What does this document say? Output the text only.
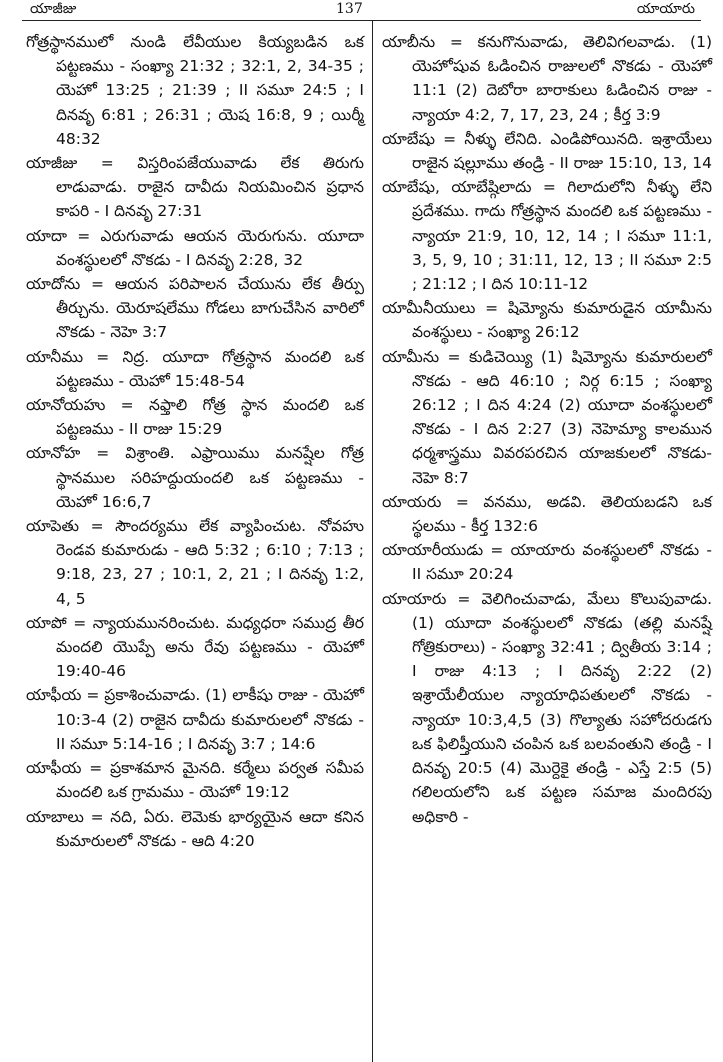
యాజీజు	137	యాయారు

గోత్రస్థానములో నుండి లేవీయుల కియ్యబడిన ఒక పట్టణము - సంఖ్యా 21:32 ; 32:1, 2, 34-35 ; యెహో 13:25 ; 21:39 ; II సమూ 24:5 ; I దినవృ 6:81 ; 26:31 ; యెష 16:8, 9 ; యిర్మీ 48:32

యాజీజు = విస్తరింపజేయువాడు లేక తిరుగు లాడువాడు. రాజైన దావీదు నియమించిన ప్రధాన కాపరి - I దినవృ 27:31

యాదా = ఎరుగువాడు ఆయన యెరుగును. యూదా వంశస్థులలో నొకడు - I దినవృ 2:28, 32

యాదోను = ఆయన పరిపాలన చేయును లేక తీర్పు తీర్చును. యెరూషలేము గోడలు బాగుచేసిన వారిలో నొకడు - నెహె 3:7

యానీము = నిద్ర. యూదా గోత్రస్థాన మందలి ఒక పట్టణము - యెహో 15:48-54

యానోయహు = నఫ్తాలి గోత్ర స్థాన మందలి ఒక పట్టణము - II రాజు 15:29

యానోహ = విశ్రాంతి. ఎఫ్రాయిము మనష్షేల గోత్ర స్థానముల సరిహద్దుయందలి ఒక పట్టణము - యెహో 16:6,7

యాపెతు = సౌందర్యము లేక వ్యాపించుట. నోవహు రెండవ కుమారుడు - ఆది 5:32 ; 6:10 ; 7:13 ; 9:18, 23, 27 ; 10:1, 2, 21 ; I దినవృ 1:2, 4, 5

యాపో = న్యాయమునరించుట. మధ్యధరా సముద్ర తీర మందలి యొప్పే అను రేవు పట్టణము - యెహో 19:40-46

యాఫీయ = ప్రకాశించువాడు. (1) లాకీషు రాజు - యెహో 10:3-4 (2) రాజైన దావీదు కుమారులలో నొకడు - II సమూ 5:14-16 ; I దినవృ 3:7 ; 14:6

యాఫీయ = ప్రకాశమాన మైనది. కర్మేలు పర్వత సమీప మందలి ఒక గ్రామము - యెహో 19:12

యాబాలు = నది, ఏరు. లెమెకు భార్యయైన ఆదా కనిన కుమారులలో నొకడు - ఆది 4:20

యాబీను = కనుగొనువాడు, తెలివిగలవాడు. (1) యెహోషువ ఓడించిన రాజులలో నొకడు - యెహో 11:1 (2) దెబోరా బారాకులు ఓడించిన రాజు - న్యాయా 4:2, 7, 17, 23, 24 ; కీర్త 3:9

యాబేషు = నీళ్ళు లేనిది. ఎండిపోయినది. ఇశ్రాయేలు రాజైన షల్లూము తండ్రి - II రాజు 15:10, 13, 14

యాబేషు, యాబేష్గిలాదు = గిలాదులోని నీళ్ళు లేని ప్రదేశము. గాదు గోత్రస్థాన మందలి ఒక పట్టణము - న్యాయా 21:9, 10, 12, 14 ; I సమూ 11:1, 3, 5, 9, 10 ; 31:11, 12, 13 ; II సమూ 2:5 ; 21:12 ; I దిన 10:11-12

యామీనీయులు = షిమ్యోను కుమారుడైన యామీను వంశస్థులు - సంఖ్యా 26:12

యామీను = కుడిచెయ్యి (1) షిమ్యోను కుమారులలో నొకడు - ఆది 46:10 ; నిర్గ 6:15 ; సంఖ్యా 26:12 ; I దిన 4:24 (2) యూదా వంశస్థులలో నొకడు - I దిన 2:27 (3) నెహెమ్యా కాలమున ధర్మశాస్త్రము వివరపరచిన యాజకులలో నొకడు-నెహె 8:7

యాయరు = వనము, అడవి. తెలియబడని ఒక స్థలము - కీర్త 132:6

యాయారీయుడు = యాయారు వంశస్థులలో నొకడు - II సమూ 20:24

యాయారు = వెలిగించువాడు, మేలు కొలుపువాడు. (1) యూదా వంశస్థులలో నొకడు (తల్లి మనష్షే గోత్రికురాలు) - సంఖ్యా 32:41 ; ద్వితీయ 3:14 ; I రాజు 4:13 ; I దినవృ 2:22 (2) ఇశ్రాయేలీయుల న్యాయాధిపతులలో నొకడు - న్యాయా 10:3,4,5 (3) గొల్యాతు సహోదరుడగు ఒక ఫిలిష్తీయుని చంపిన ఒక బలవంతుని తండ్రి - I దినవృ 20:5 (4) మొర్దెకై తండ్రి - ఎస్తే 2:5 (5) గలిలయలోని ఒక పట్టణ సమాజ మందిరపు అధికారి -
